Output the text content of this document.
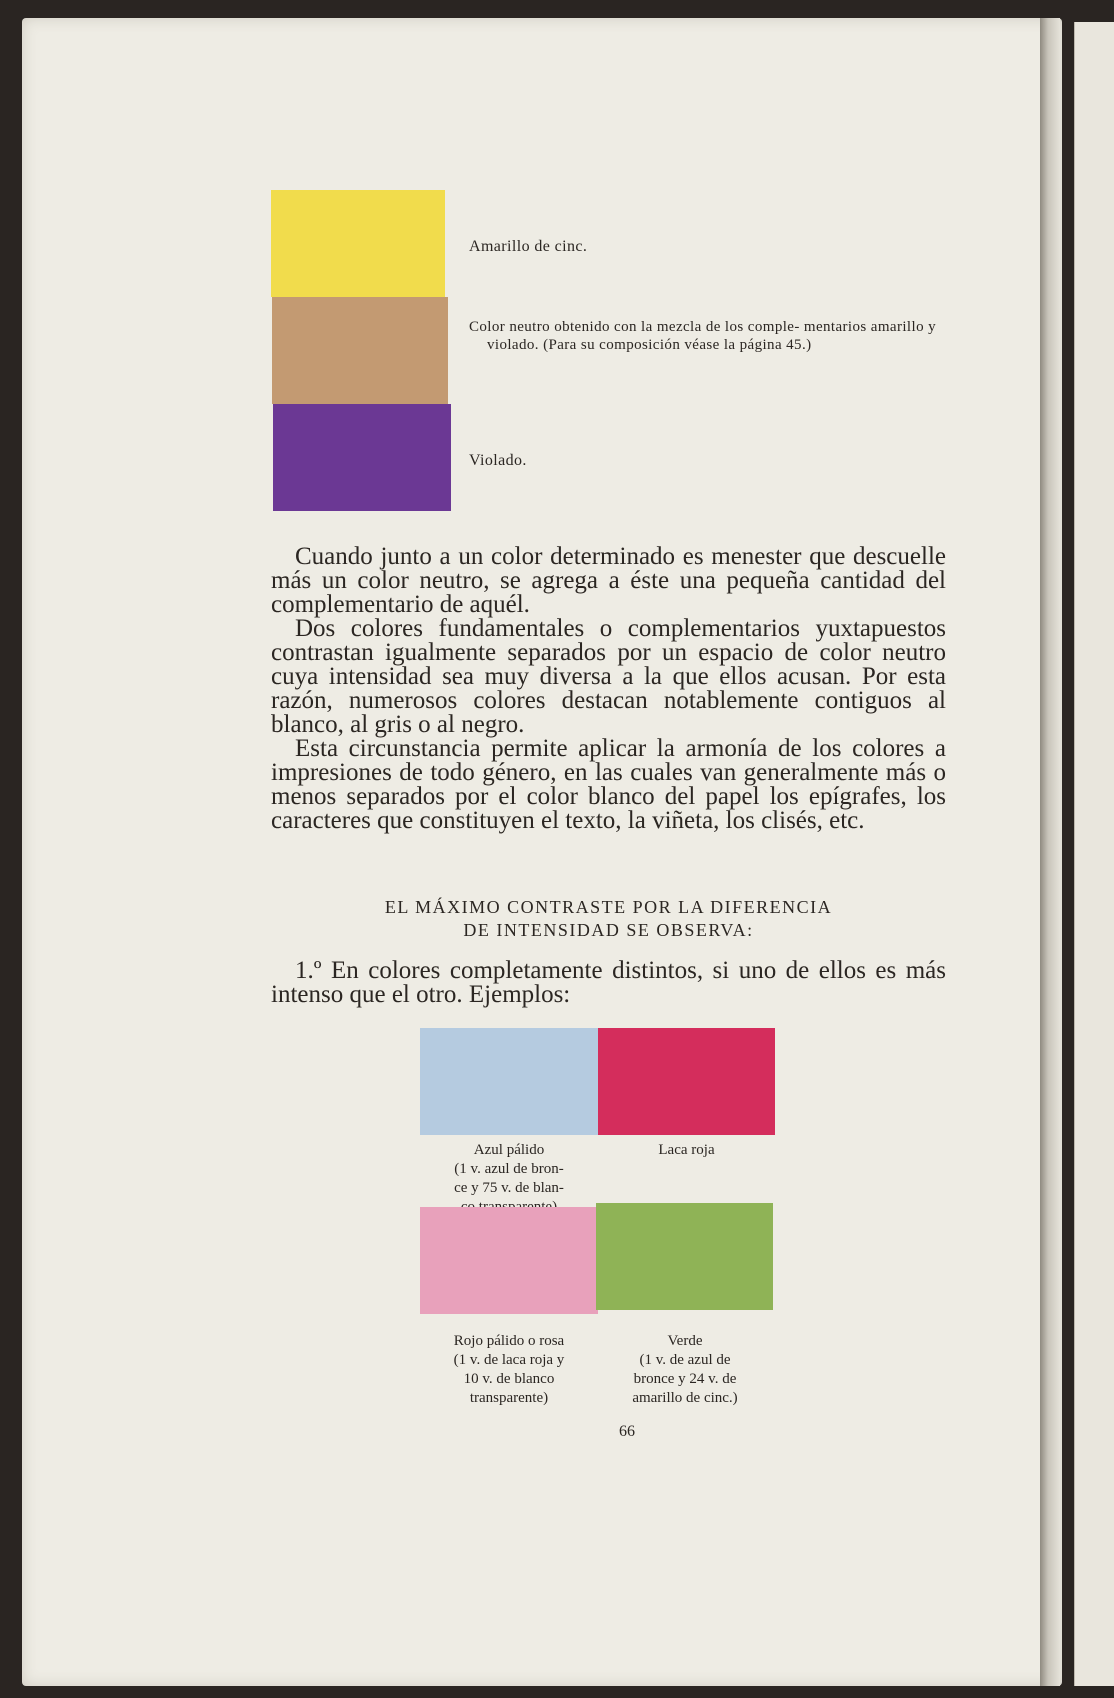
Amarillo de cinc.
Color neutro obtenido con la mezcla de los comple- mentarios amarillo y violado. (Para su composición véase la página 45.)
Violado.

Cuando junto a un color determinado es menester que descuelle más un color neutro, se agrega a éste una pequeña cantidad del complementario de aquél.

Dos colores fundamentales o complementarios yuxtapuestos contrastan igualmente separados por un espacio de color neutro cuya intensidad sea muy diversa a la que ellos acusan. Por esta razón, numerosos colores destacan notablemente contiguos al blanco, al gris o al negro.

Esta circunstancia permite aplicar la armonía de los colores a impresiones de todo género, en las cuales van generalmente más o menos separados por el color blanco del papel los epígrafes, los caracteres que constituyen el texto, la viñeta, los clisés, etc.

EL MÁXIMO CONTRASTE POR LA DIFERENCIA
DE INTENSIDAD SE OBSERVA:

1.º En colores completamente distintos, si uno de ellos es más intenso que el otro. Ejemplos:

Azul pálido
(1 v. azul de bron-
ce y 75 v. de blan-
Laca roja
Rojo pálido o rosa
(1 v. de laca roja y
10 v. de blanco
transparente)
Verde
(1 v. de azul de
bronce y 24 v. de
amarillo de cinc.)
66
